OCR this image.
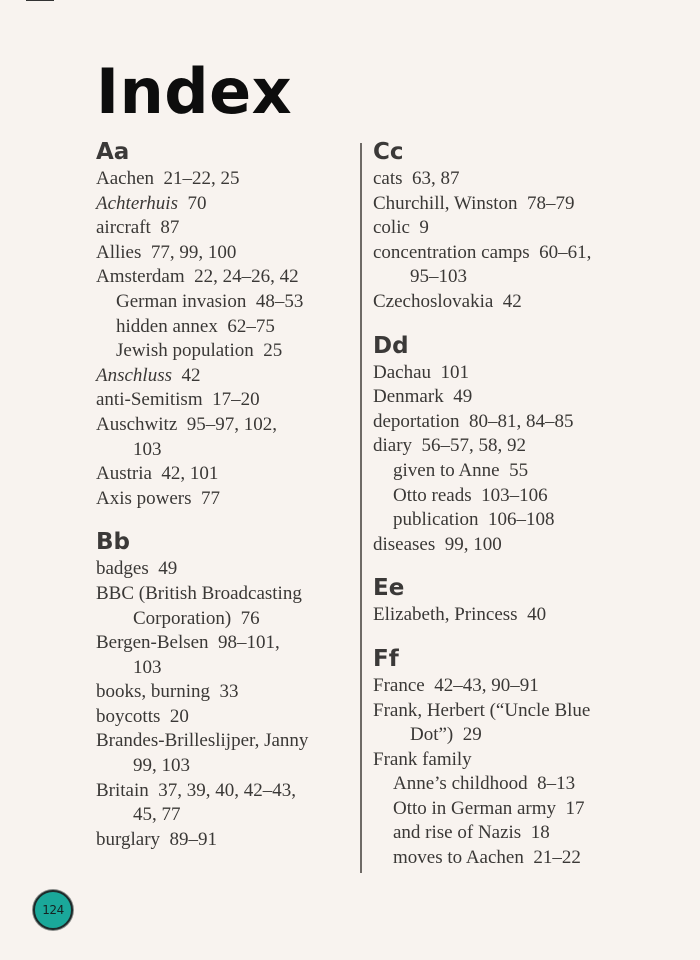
Index
Aa

Aachen  21–22, 25

Achterhuis  70

aircraft  87

Allies  77, 99, 100

Amsterdam  22, 24–26, 42

German invasion  48–53

hidden annex  62–75

Jewish population  25

Anschluss  42

anti-Semitism  17–20

Auschwitz  95–97, 102,

103

Austria  42, 101

Axis powers  77

Bb

badges  49

BBC (British Broadcasting

Corporation)  76

Bergen-Belsen  98–101,

103

books, burning  33

boycotts  20

Brandes-Brilleslijper, Janny

99, 103

Britain  37, 39, 40, 42–43,

45, 77

burglary  89–91

Cc

cats  63, 87

Churchill, Winston  78–79

colic  9

concentration camps  60–61,

95–103

Czechoslovakia  42

Dd

Dachau  101

Denmark  49

deportation  80–81, 84–85

diary  56–57, 58, 92

given to Anne  55

Otto reads  103–106

publication  106–108

diseases  99, 100

Ee

Elizabeth, Princess  40

Ff

France  42–43, 90–91

Frank, Herbert (“Uncle Blue

Dot”)  29

Frank family

Anne’s childhood  8–13

Otto in German army  17

and rise of Nazis  18

moves to Aachen  21–22

124
